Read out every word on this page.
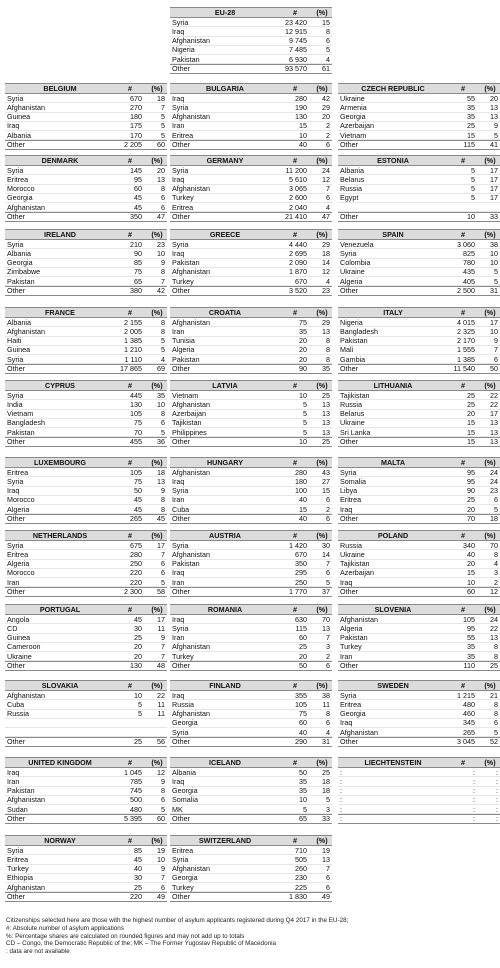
EU-28	#	(%)
Syria	23 420	15
Iraq	12 915	8
Afghanistan	9 745	6
Nigeria	7 485	5
Pakistan	6 930	4
Other	93 570	61
BELGIUM	#	(%)
Syria	670	18
Afghanistan	270	7
Guinea	180	5
Iraq	175	5
Albania	170	5
Other	2 205	60
BULGARIA	#	(%)
Iraq	280	42
Syria	190	29
Afghanistan	130	20
Iran	15	2
Eritrea	10	2
Other	40	6
CZECH REPUBLIC	#	(%)
Ukraine	55	20
Armenia	35	13
Georgia	35	13
Azerbaijan	25	9
Vietnam	15	5
Other	115	41
DENMARK	#	(%)
Syria	145	20
Eritrea	95	13
Morocco	60	8
Georgia	45	6
Afghanistan	45	6
Other	350	47
GERMANY	#	(%)
Syria	11 200	24
Iraq	5 610	12
Afghanistan	3 065	7
Turkey	2 600	6
Eritrea	2 040	4
Other	21 410	47
ESTONIA	#	(%)
Albania	5	17
Belarus	5	17
Russia	5	17
Egypt	5	17
Other	10	33
IRELAND	#	(%)
Syria	210	23
Albania	90	10
Georgia	85	9
Zimbabwe	75	8
Pakistan	65	7
Other	380	42
GREECE	#	(%)
Syria	4 440	29
Iraq	2 695	18
Pakistan	2 090	14
Afghanistan	1 870	12
Turkey	670	4
Other	3 520	23
SPAIN	#	(%)
Venezuela	3 060	38
Syria	825	10
Colombia	780	10
Ukraine	435	5
Algeria	405	5
Other	2 500	31
FRANCE	#	(%)
Albania	2 155	8
Afghanistan	2 005	8
Haiti	1 385	5
Guinea	1 210	5
Syria	1 110	4
Other	17 865	69
CROATIA	#	(%)
Afghanistan	75	29
Iran	35	13
Tunisia	20	8
Algeria	20	8
Pakistan	20	8
Other	90	35
ITALY	#	(%)
Nigeria	4 015	17
Bangladesh	2 325	10
Pakistan	2 170	9
Mali	1 555	7
Gambia	1 385	6
Other	11 540	50
CYPRUS	#	(%)
Syria	445	35
India	130	10
Vietnam	105	8
Bangladesh	75	6
Pakistan	70	5
Other	455	36
LATVIA	#	(%)
Vietnam	10	25
Afghanistan	5	13
Azerbaijan	5	13
Tajikistan	5	13
Philippines	5	13
Other	10	25
LITHUANIA	#	(%)
Tajikistan	25	22
Russia	25	22
Belarus	20	17
Ukraine	15	13
Sri Lanka	15	13
Other	15	13
LUXEMBOURG	#	(%)
Eritrea	105	18
Syria	75	13
Iraq	50	9
Morocco	45	8
Algeria	45	8
Other	265	45
HUNGARY	#	(%)
Afghanistan	280	43
Iraq	180	27
Syria	100	15
Iran	40	6
Cuba	15	2
Other	40	6
MALTA	#	(%)
Syria	95	24
Somalia	95	24
Libya	90	23
Eritrea	25	6
Iraq	20	5
Other	70	18
NETHERLANDS	#	(%)
Syria	675	17
Eritrea	280	7
Algeria	250	6
Morocco	220	6
Iran	220	5
Other	2 300	58
AUSTRIA	#	(%)
Syria	1 420	30
Afghanistan	670	14
Pakistan	350	7
Iraq	295	6
Iran	250	5
Other	1 770	37
POLAND	#	(%)
Russia	340	70
Ukraine	40	8
Tajikistan	20	4
Azerbaijan	15	3
Iraq	10	2
Other	60	12
PORTUGAL	#	(%)
Angola	45	17
CD	30	11
Guinea	25	9
Cameroon	20	7
Ukraine	20	7
Other	130	48
ROMANIA	#	(%)
Iraq	630	70
Syria	115	13
Iran	60	7
Afghanistan	25	3
Turkey	20	2
Other	50	6
SLOVENIA	#	(%)
Afghanistan	105	24
Algeria	95	22
Pakistan	55	13
Turkey	35	8
Iran	35	8
Other	110	25
SLOVAKIA	#	(%)
Afghanistan	10	22
Cuba	5	11
Russia	5	11
Other	25	56
FINLAND	#	(%)
Iraq	355	38
Russia	105	11
Afghanistan	75	8
Georgia	60	6
Syria	40	4
Other	290	31
SWEDEN	#	(%)
Syria	1 215	21
Eritrea	480	8
Georgia	460	8
Iraq	345	6
Afghanistan	265	5
Other	3 045	52
UNITED KINGDOM	#	(%)
Iraq	1 045	12
Iran	785	9
Pakistan	745	8
Afghanistan	500	6
Sudan	480	5
Other	5 395	60
ICELAND	#	(%)
Albania	50	25
Iraq	35	18
Georgia	35	18
Somalia	10	5
MK	5	3
Other	65	33
LIECHTENSTEIN	#	(%)
:	:	:
:	:	:
:	:	:
:	:	:
:	:	:
:	:	:
NORWAY	#	(%)
Syria	85	19
Eritrea	45	10
Turkey	40	9
Ethiopia	30	7
Afghanistan	25	6
Other	220	49
SWITZERLAND	#	(%)
Eritrea	710	19
Syria	505	13
Afghanistan	260	7
Georgia	230	6
Turkey	225	6
Other	1 830	49
Citizenships selected here are those with the highest number of asylum applicants registered during Q4 2017 in the EU-28;
#: Absolute number of asylum applications
%: Percentage shares are calculated on rounded figures and may not add up to totals
CD – Congo, the Democratic Republic of the; MK – The Former Yugoslav Republic of Macedonia
: data are not available
